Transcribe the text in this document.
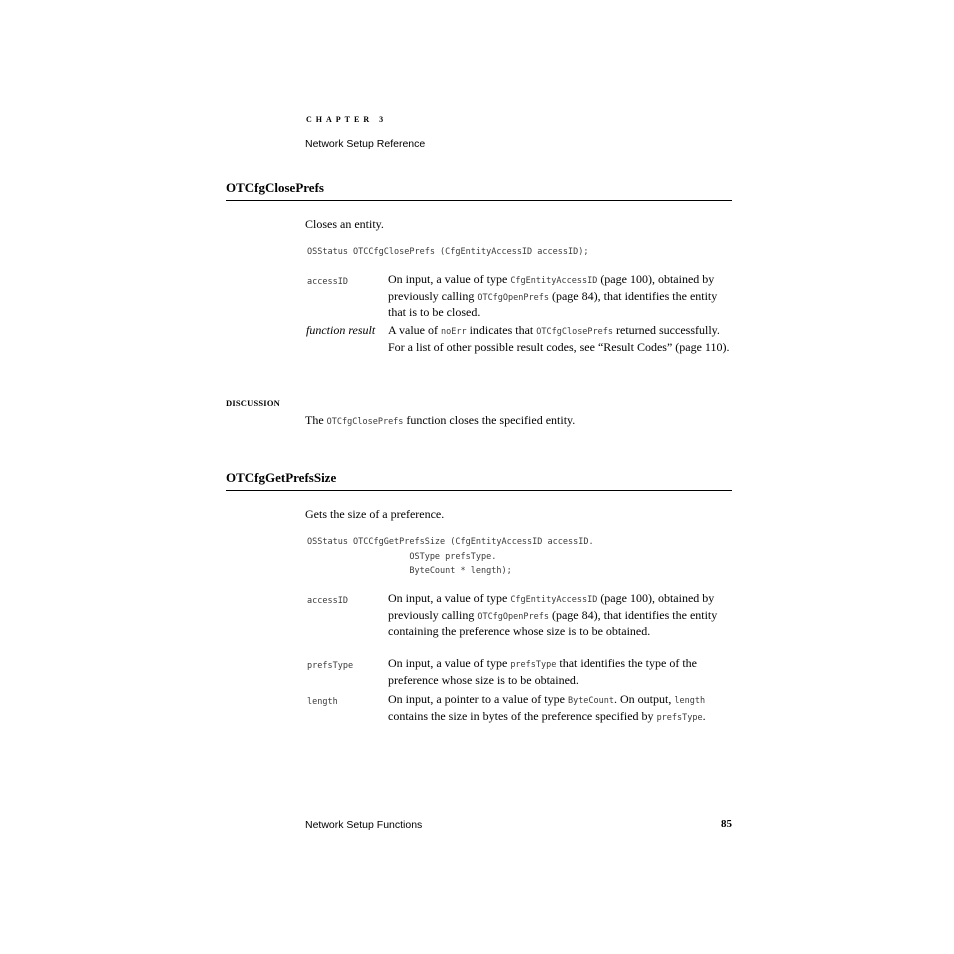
CHAPTER 3
Network Setup Reference
OTCfgClosePrefs
Closes an entity.
OSStatus OTCCfgClosePrefs (CfgEntityAccessID accessID);
accessID	On input, a value of type CfgEntityAccessID (page 100), obtained by previously calling OTCfgOpenPrefs (page 84), that identifies the entity that is to be closed.
function result	A value of noErr indicates that OTCfgClosePrefs returned successfully. For a list of other possible result codes, see “Result Codes” (page 110).
DISCUSSION
The OTCfgClosePrefs function closes the specified entity.
OTCfgGetPrefsSize
Gets the size of a preference.
OSStatus OTCCfgGetPrefsSize (CfgEntityAccessID accessID.
OSType prefsType.
ByteCount * length);
accessID	On input, a value of type CfgEntityAccessID (page 100), obtained by previously calling OTCfgOpenPrefs (page 84), that identifies the entity containing the preference whose size is to be obtained.
prefsType	On input, a value of type prefsType that identifies the type of the preference whose size is to be obtained.
length	On input, a pointer to a value of type ByteCount. On output, length contains the size in bytes of the preference specified by prefsType.
Network Setup Functions	85
